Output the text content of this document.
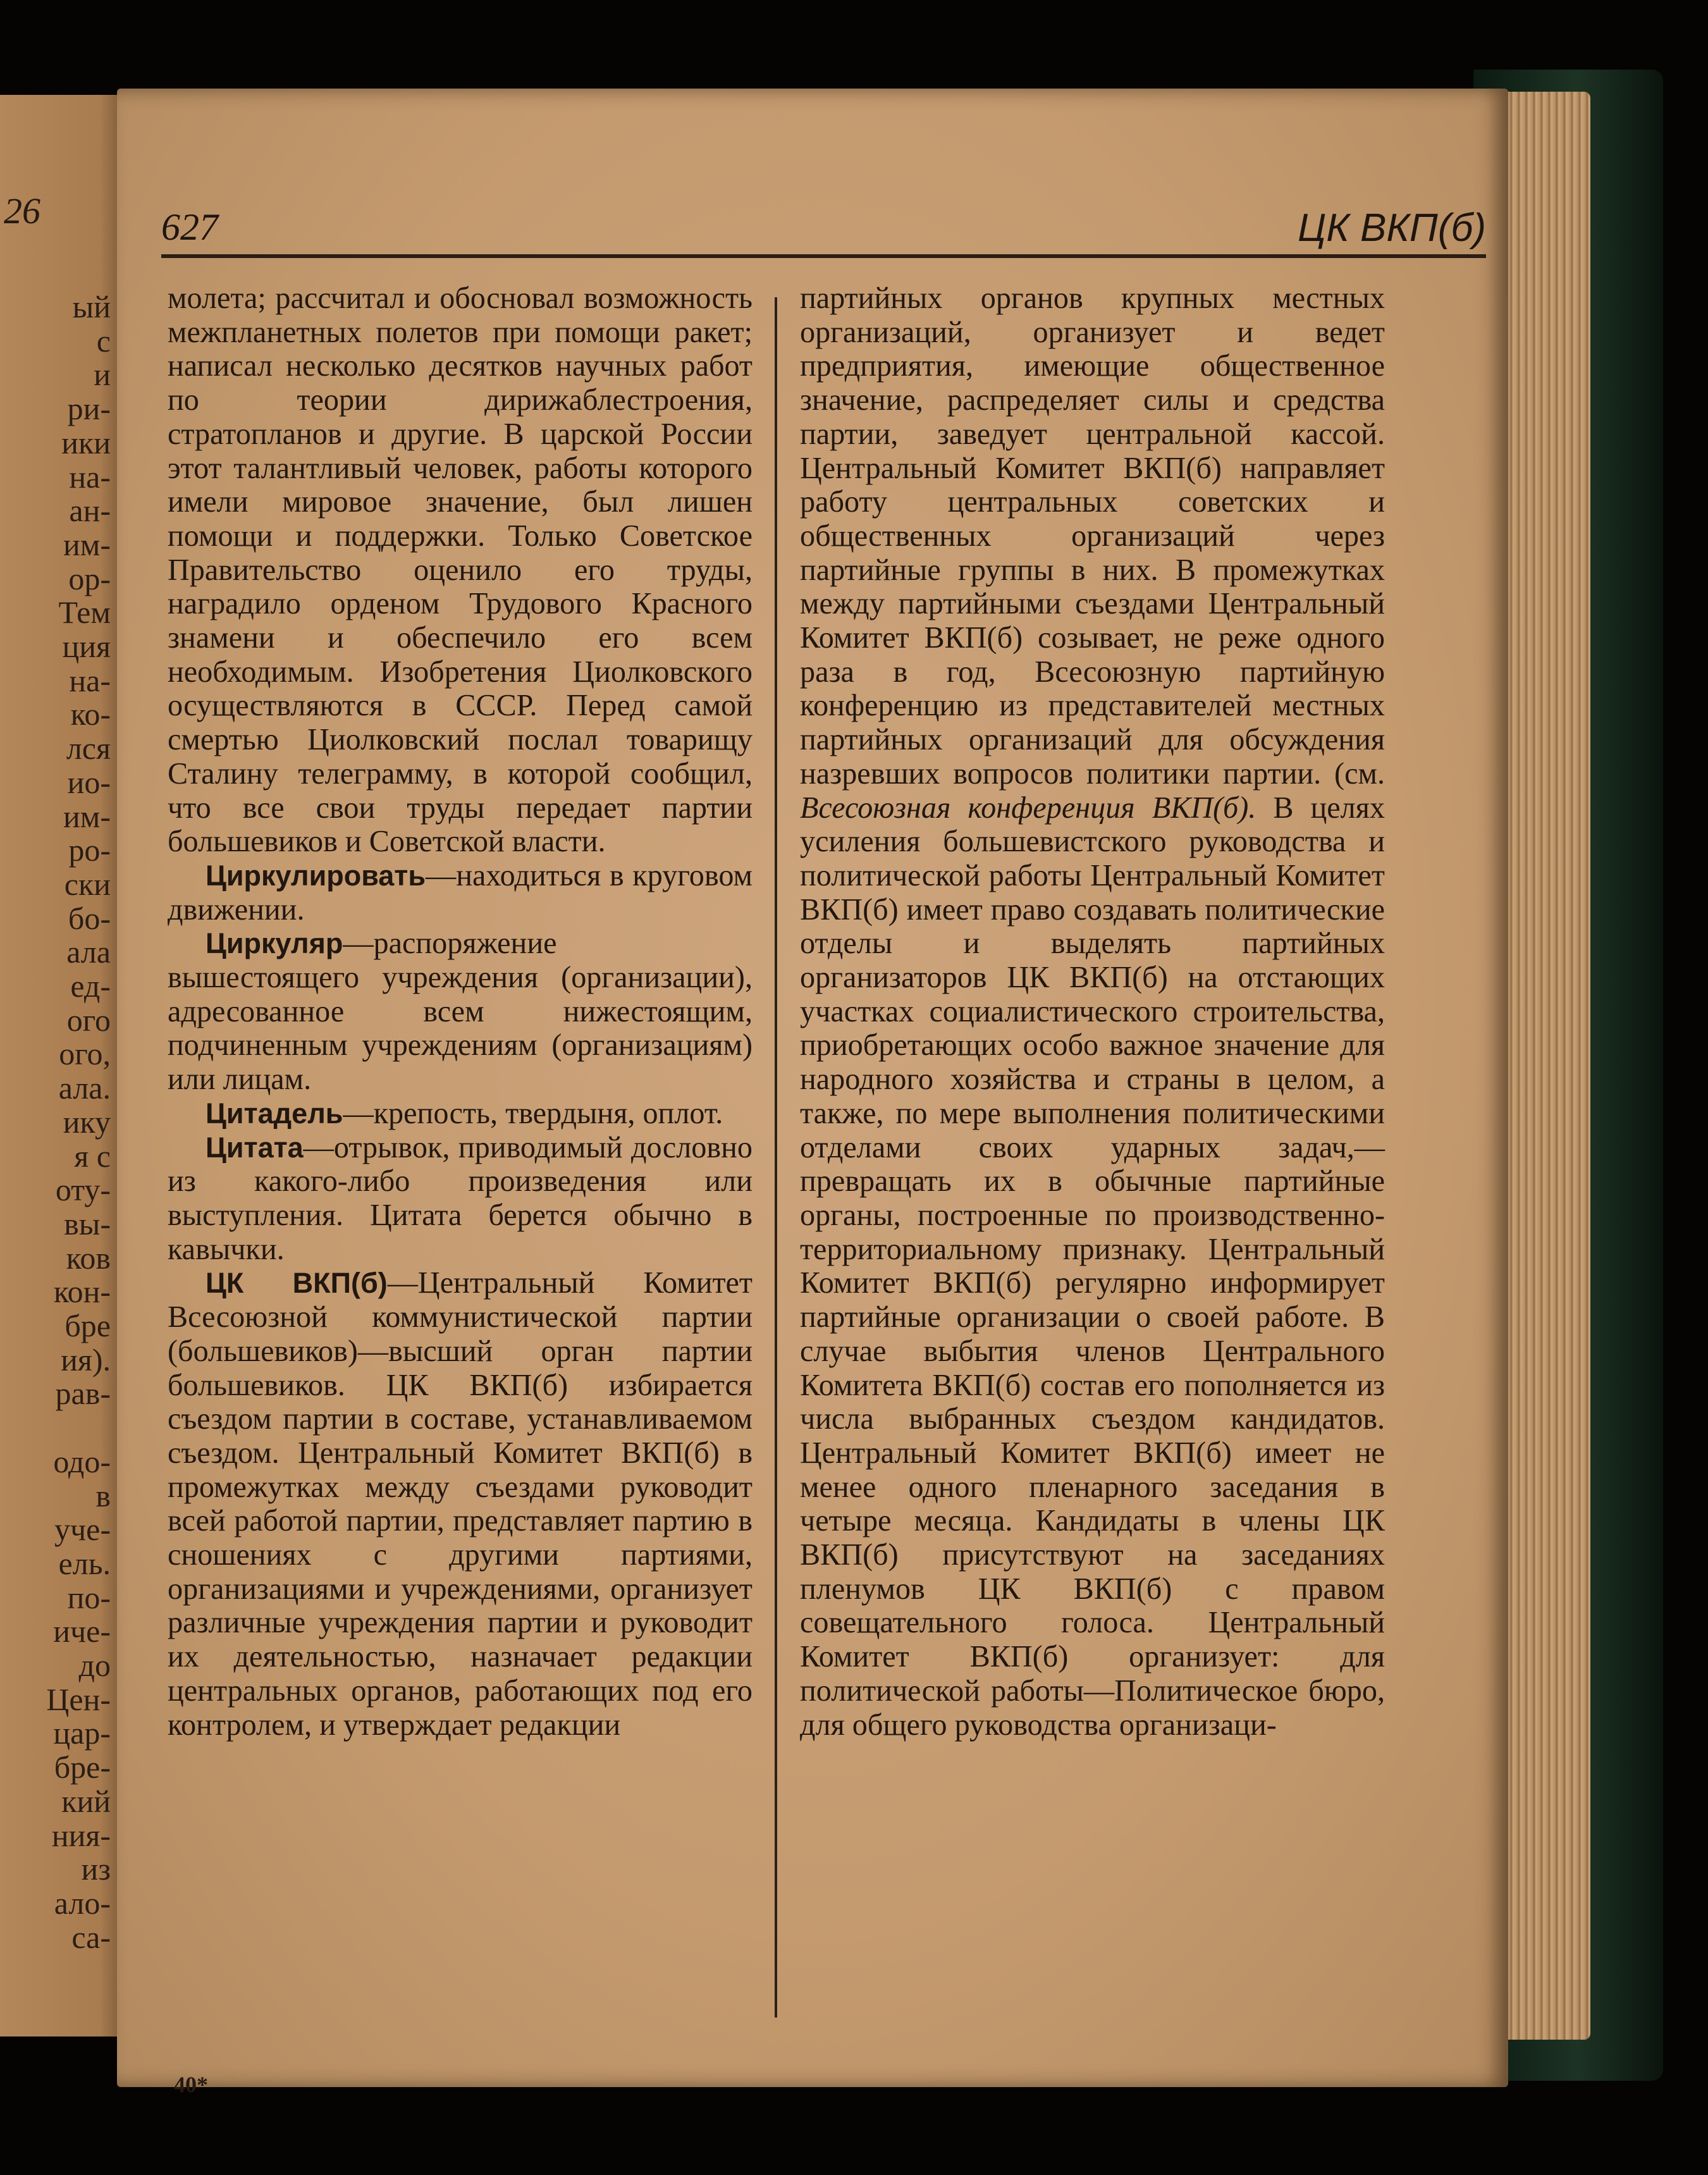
26
ый
с
и
ри-
ики
на-
ан-
им-
ор-
Тем
ция
на-
ко-
лся
ио-
им-
ро-
ски
бо-
ала
ед-
ого
ого,
ала.
ику
я с
оту-
вы-
ков
кон-
бре
ия).
рав-
одо-
в
уче-
ель.
по-
иче-
до
Цен-
цар-
бре-
кий
ния-
из
ало-
са-
627	ЦК ВКП(б)

молета; рассчитал и обосновал возможность межпланетных полетов при помощи ракет; написал несколько десятков научных работ по теории дирижаблестроения, стратопланов и другие. В царской России этот талантливый человек, работы которого имели мировое значение, был лишен помощи и поддержки. Только Советское Правительство оценило его труды, наградило орденом Трудового Красного знамени и обеспечило его всем необходимым. Изобретения Циолковского осуществляются в СССР. Перед самой смертью Циолковский послал товарищу Сталину телеграмму, в которой сообщил, что все свои труды передает партии большевиков и Советской власти.

Циркулировать—находиться в круговом движении.

Циркуляр—распоряжение вышестоящего учреждения (организации), адресованное всем нижестоящим, подчиненным учреждениям (организациям) или лицам.

Цитадель—крепость, твердыня, оплот.

Цитата—отрывок, приводимый дословно из какого-либо произведения или выступления. Цитата берется обычно в кавычки.

ЦК ВКП(б)—Центральный Комитет Всесоюзной коммунистической партии (большевиков)—высший орган партии большевиков. ЦК ВКП(б) избирается съездом партии в составе, устанавливаемом съездом. Центральный Комитет ВКП(б) в промежутках между съездами руководит всей работой партии, представляет партию в сношениях с другими партиями, организациями и учреждениями, организует различные учреждения партии и руководит их деятельностью, назначает редакции центральных органов, работающих под его контролем, и утверждает редакции

партийных органов крупных местных организаций, организует и ведет предприятия, имеющие общественное значение, распределяет силы и средства партии, заведует центральной кассой. Центральный Комитет ВКП(б) направляет работу центральных советских и общественных организаций через партийные группы в них. В промежутках между партийными съездами Центральный Комитет ВКП(б) созывает, не реже одного раза в год, Всесоюзную партийную конференцию из представителей местных партийных организаций для обсуждения назревших вопросов политики партии. (см. Всесоюзная конференция ВКП(б). В целях усиления большевистского руководства и политической работы Центральный Комитет ВКП(б) имеет право создавать политические отделы и выделять партийных организаторов ЦК ВКП(б) на отстающих участках социалистического строительства, приобретающих особо важное значение для народного хозяйства и страны в целом, а также, по мере выполнения политическими отделами своих ударных задач,—превращать их в обычные партийные органы, построенные по производственно-территориальному признаку. Центральный Комитет ВКП(б) регулярно информирует партийные организации о своей работе. В случае выбытия членов Центрального Комитета ВКП(б) состав его пополняется из числа выбранных съездом кандидатов. Центральный Комитет ВКП(б) имеет не менее одного пленарного заседания в четыре месяца. Кандидаты в члены ЦК ВКП(б) присутствуют на заседаниях пленумов ЦК ВКП(б) с правом совещательного голоса. Центральный Комитет ВКП(б) организует: для политической работы—Политическое бюро, для общего руководства организаци-

40*
